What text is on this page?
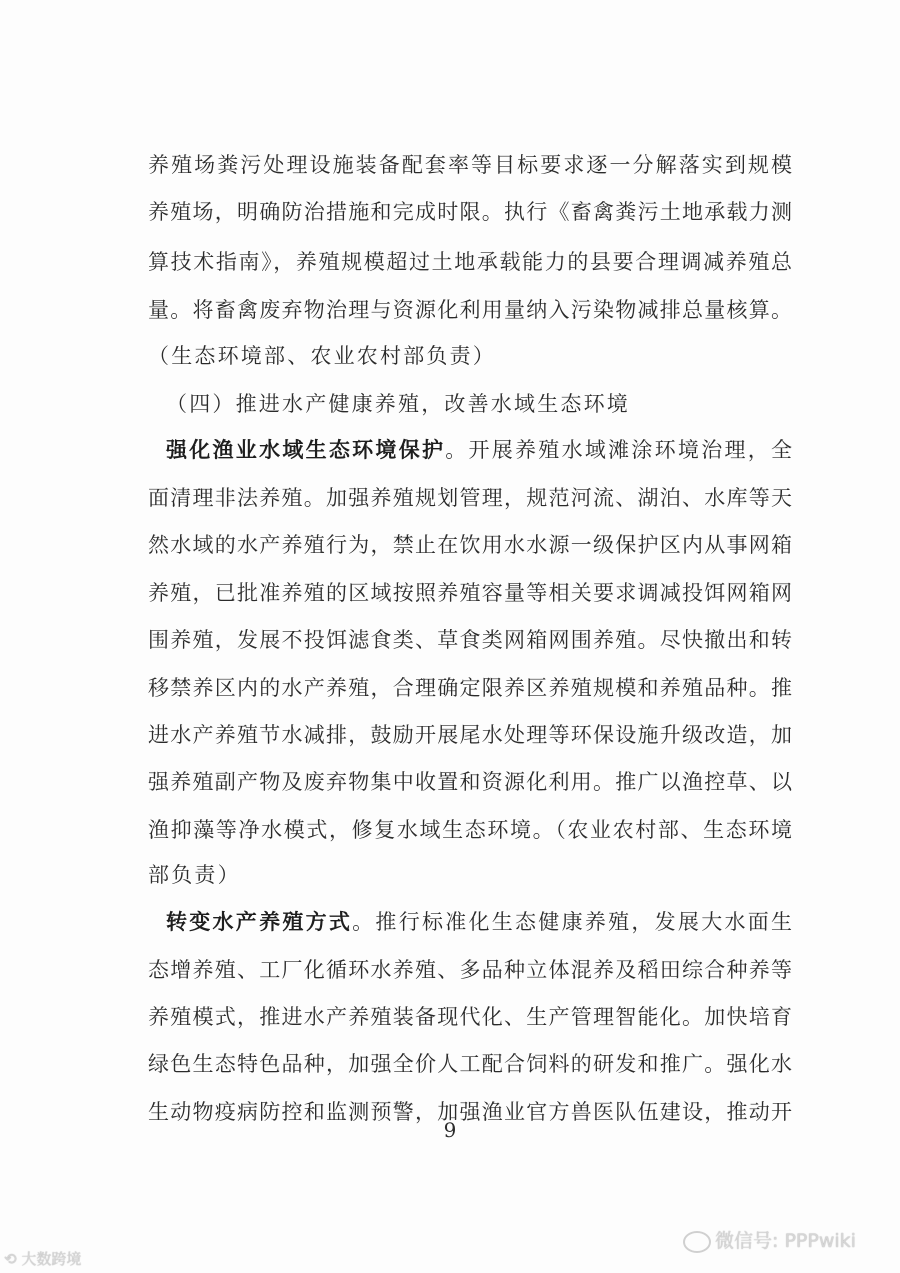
养殖场粪污处理设施装备配套率等目标要求逐一分解落实到规模
养殖场，明确防治措施和完成时限。执行《畜禽粪污土地承载力测
算技术指南》，养殖规模超过土地承载能力的县要合理调减养殖总
量。将畜禽废弃物治理与资源化利用量纳入污染物减排总量核算。
（生态环境部、农业农村部负责）
（四）推进水产健康养殖，改善水域生态环境
强化渔业水域生态环境保护。开展养殖水域滩涂环境治理，全
面清理非法养殖。加强养殖规划管理，规范河流、湖泊、水库等天
然水域的水产养殖行为，禁止在饮用水水源一级保护区内从事网箱
养殖，已批准养殖的区域按照养殖容量等相关要求调减投饵网箱网
围养殖，发展不投饵滤食类、草食类网箱网围养殖。尽快撤出和转
移禁养区内的水产养殖，合理确定限养区养殖规模和养殖品种。推
进水产养殖节水减排，鼓励开展尾水处理等环保设施升级改造，加
强养殖副产物及废弃物集中收置和资源化利用。推广以渔控草、以
渔抑藻等净水模式，修复水域生态环境。（农业农村部、生态环境
部负责）
转变水产养殖方式。推行标准化生态健康养殖，发展大水面生
态增养殖、工厂化循环水养殖、多品种立体混养及稻田综合种养等
养殖模式，推进水产养殖装备现代化、生产管理智能化。加快培育
绿色生态特色品种，加强全价人工配合饲料的研发和推广。强化水
生动物疫病防控和监测预警，加强渔业官方兽医队伍建设，推动开
9
微信号: PPPwiki
⟲ 大数跨境
